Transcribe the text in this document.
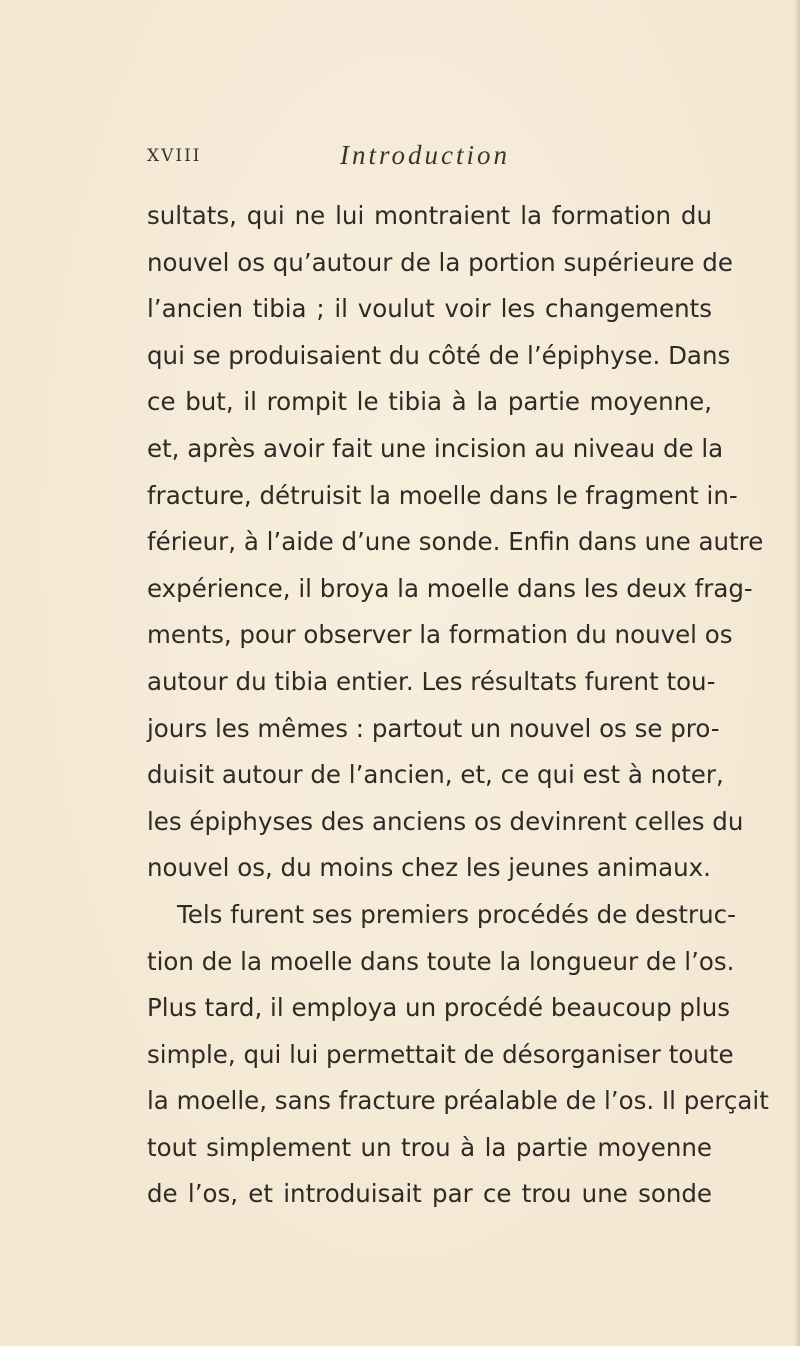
XVIII	Introduction
sultats, qui ne lui montraient la formation du
nouvel os qu’autour de la portion supérieure de
l’ancien tibia ; il voulut voir les changements
qui se produisaient du côté de l’épiphyse. Dans
ce but, il rompit le tibia à la partie moyenne,
et, après avoir fait une incision au niveau de la
fracture, détruisit la moelle dans le fragment in-
férieur, à l’aide d’une sonde. Enfin dans une autre
expérience, il broya la moelle dans les deux frag-
ments, pour observer la formation du nouvel os
autour du tibia entier. Les résultats furent tou-
jours les mêmes : partout un nouvel os se pro-
duisit autour de l’ancien, et, ce qui est à noter,
les épiphyses des anciens os devinrent celles du
nouvel os, du moins chez les jeunes animaux.
Tels furent ses premiers procédés de destruc-
tion de la moelle dans toute la longueur de l’os.
Plus tard, il employa un procédé beaucoup plus
simple, qui lui permettait de désorganiser toute
la moelle, sans fracture préalable de l’os. Il perçait
tout simplement un trou à la partie moyenne
de l’os, et introduisait par ce trou une sonde
